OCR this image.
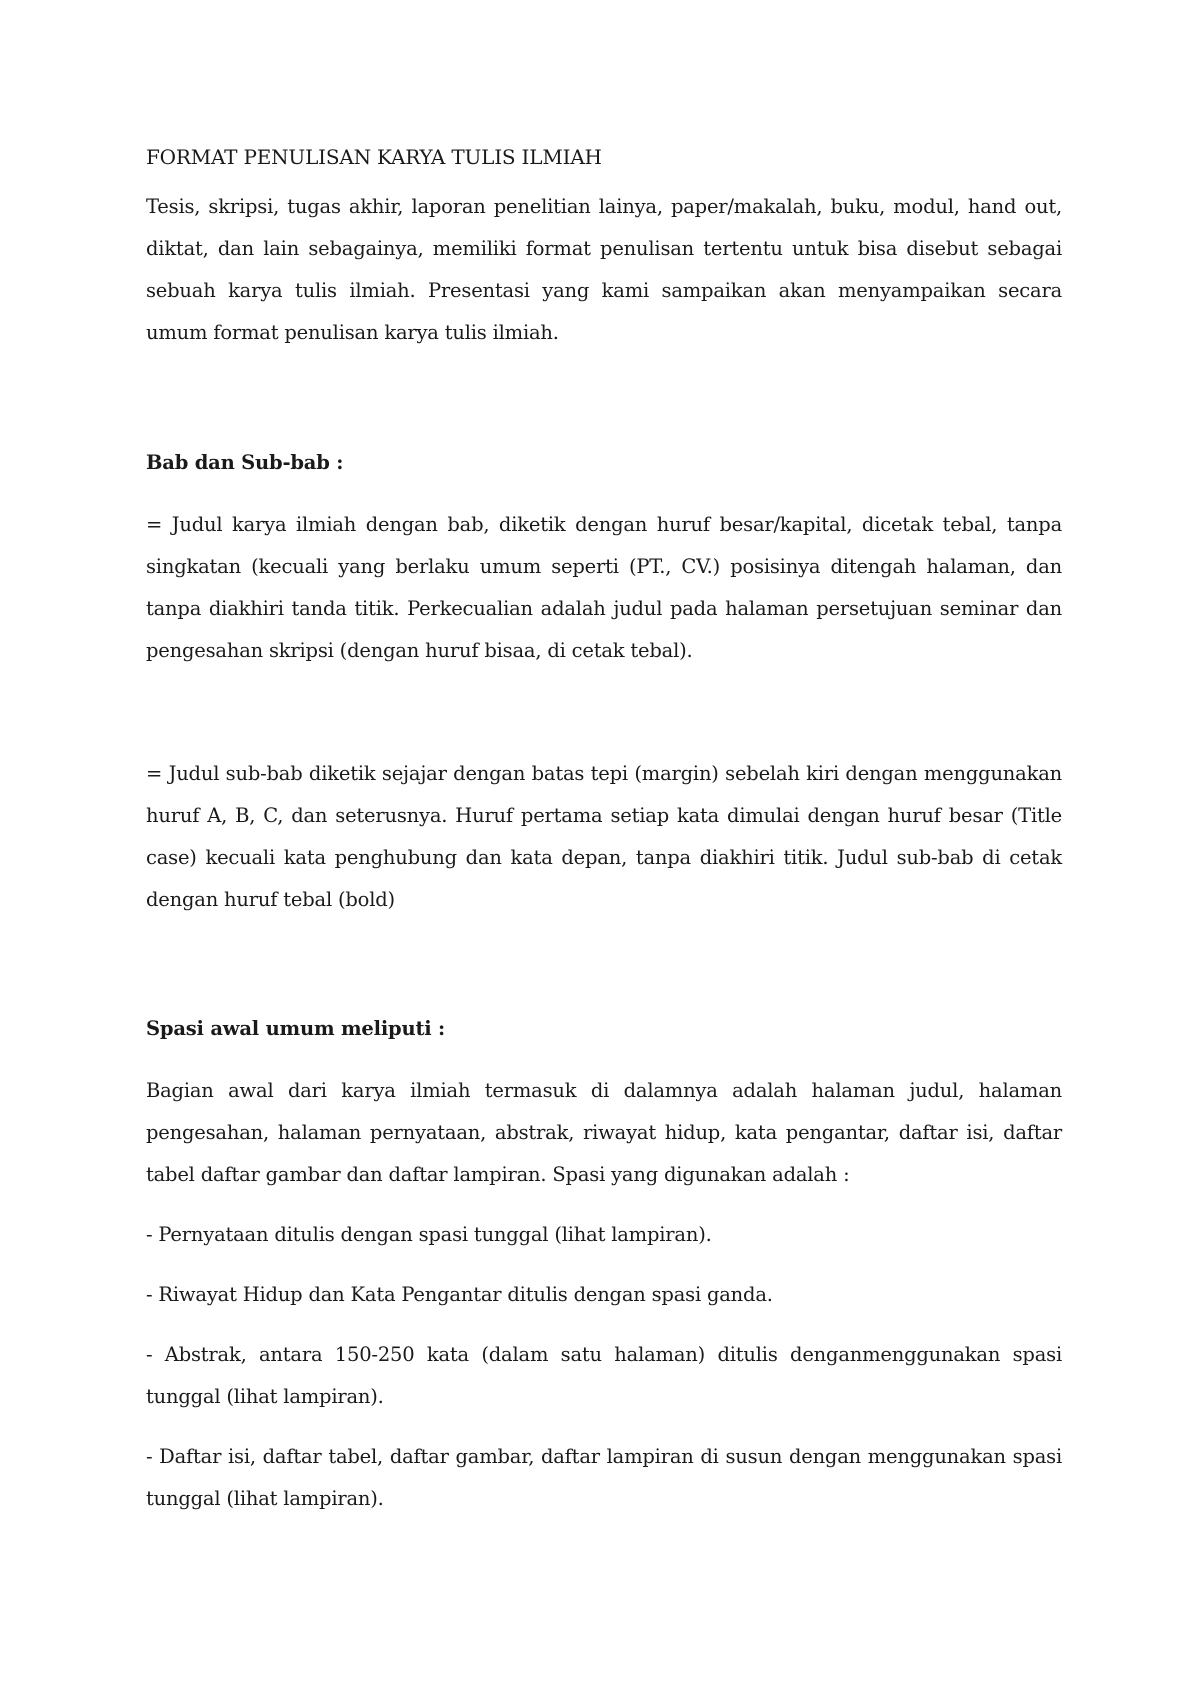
FORMAT PENULISAN KARYA TULIS ILMIAH

Tesis, skripsi, tugas akhir, laporan penelitian lainya, paper/makalah, buku, modul, hand out, diktat, dan lain sebagainya, memiliki format penulisan tertentu untuk bisa disebut sebagai sebuah karya tulis ilmiah. Presentasi yang kami sampaikan akan menyampaikan secara umum format penulisan karya tulis ilmiah.

Bab dan Sub-bab :

= Judul karya ilmiah dengan bab, diketik dengan huruf besar/kapital, dicetak tebal, tanpa singkatan (kecuali yang berlaku umum seperti (PT., CV.) posisinya ditengah halaman, dan tanpa diakhiri tanda titik. Perkecualian adalah judul pada halaman persetujuan seminar dan pengesahan skripsi (dengan huruf bisaa, di cetak tebal).

= Judul sub-bab diketik sejajar dengan batas tepi (margin) sebelah kiri dengan menggunakan huruf A, B, C, dan seterusnya. Huruf pertama setiap kata dimulai dengan huruf besar (Title case) kecuali kata penghubung dan kata depan, tanpa diakhiri titik. Judul sub-bab di cetak dengan huruf tebal (bold)

Spasi awal umum meliputi :

Bagian awal dari karya ilmiah termasuk di dalamnya adalah halaman judul, halaman pengesahan, halaman pernyataan, abstrak, riwayat hidup, kata pengantar, daftar isi, daftar tabel daftar gambar dan daftar lampiran. Spasi yang digunakan adalah :

- Pernyataan ditulis dengan spasi tunggal (lihat lampiran).

- Riwayat Hidup dan Kata Pengantar ditulis dengan spasi ganda.

- Abstrak, antara 150-250 kata (dalam satu halaman) ditulis denganmenggunakan spasi tunggal (lihat lampiran).

- Daftar isi, daftar tabel, daftar gambar, daftar lampiran di susun dengan menggunakan spasi tunggal (lihat lampiran).
